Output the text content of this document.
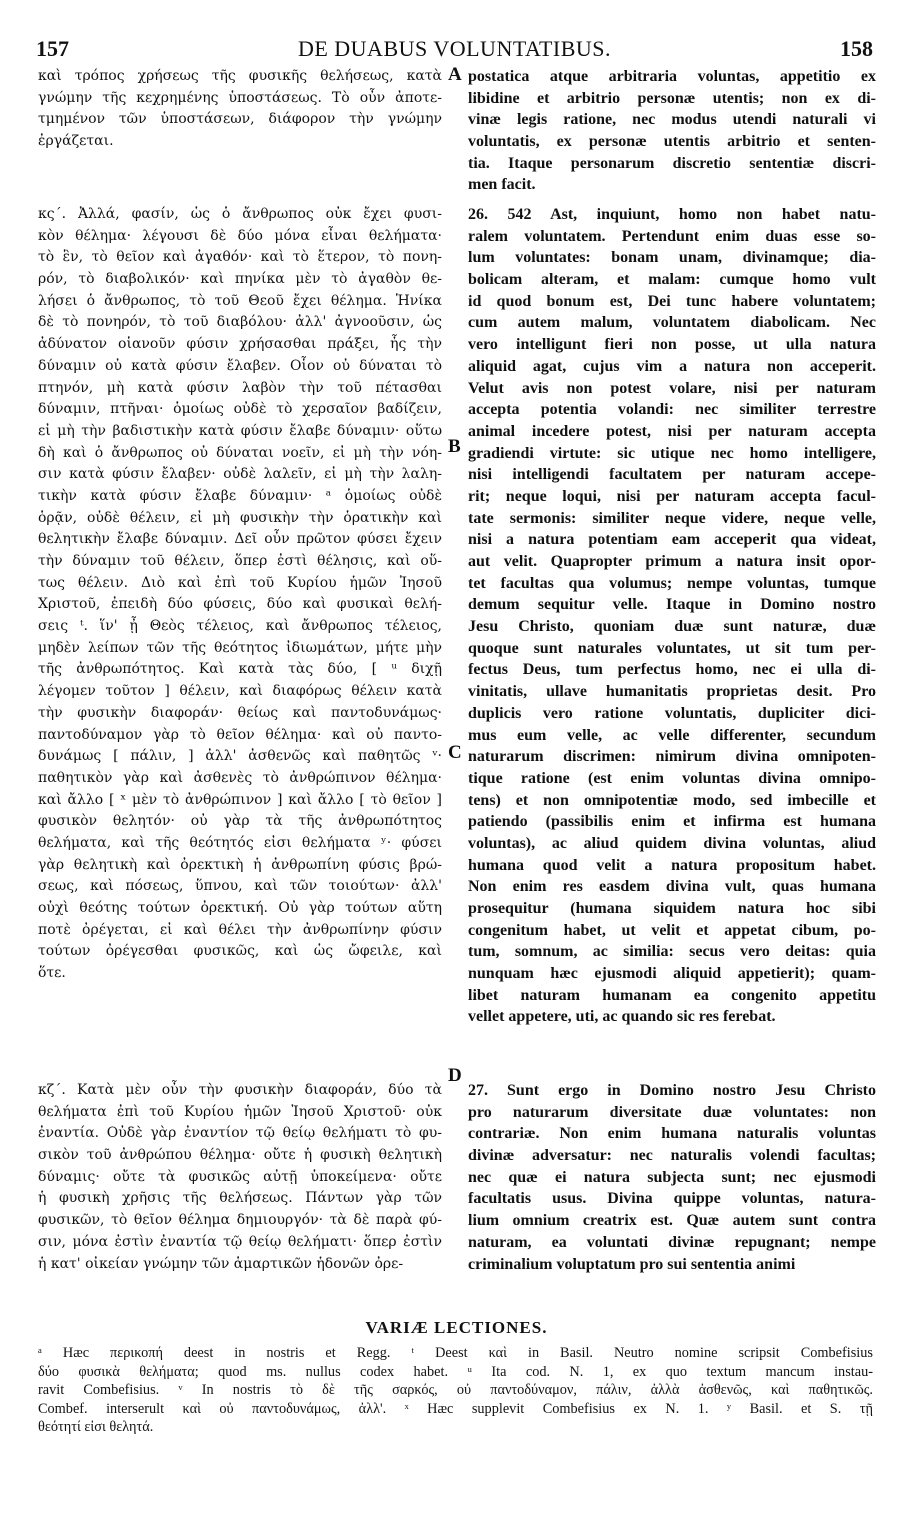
157	DE DUABUS VOLUNTATIBUS.	158
καὶ τρόπος χρήσεως τῆς φυσικῆς θελήσεως, κατὰ
γνώμην τῆς κεχρημένης ὑποστάσεως. Τὸ οὖν ἀποτε-
τμημένον τῶν ὑποστάσεων, διάφορον τὴν γνώμην
ἐργάζεται.
κς΄. Ἀλλά, φασίν, ὡς ὁ ἄνθρωπος οὐκ ἔχει φυσι-
κὸν θέλημα· λέγουσι δὲ δύο μόνα εἶναι θελήματα·
τὸ ἓν, τὸ θεῖον καὶ ἀγαθόν· καὶ τὸ ἕτερον, τὸ πονη-
ρόν, τὸ διαβολικόν· καὶ πηνίκα μὲν τὸ ἀγαθὸν θε-
λήσει ὁ ἄνθρωπος, τὸ τοῦ Θεοῦ ἔχει θέλημα. Ἡνίκα
δὲ τὸ πονηρόν, τὸ τοῦ διαβόλου· ἀλλ' ἀγνοοῦσιν, ὡς
ἀδύνατον οἱανοῦν φύσιν χρήσασθαι πράξει, ἧς τὴν
δύναμιν οὐ κατὰ φύσιν ἔλαβεν. Οἷον οὐ δύναται τὸ
πτηνόν, μὴ κατὰ φύσιν λαβὸν τὴν τοῦ πέτασθαι
δύναμιν, πτῆναι· ὁμοίως οὐδὲ τὸ χερσαῖον βαδίζειν,
εἰ μὴ τὴν βαδιστικὴν κατὰ φύσιν ἔλαβε δύναμιν· οὕτω
δὴ καὶ ὁ ἄνθρωπος οὐ δύναται νοεῖν, εἰ μὴ τὴν νόη-
σιν κατὰ φύσιν ἔλαβεν· οὐδὲ λαλεῖν, εἰ μὴ τὴν λαλη-
τικὴν κατὰ φύσιν ἔλαβε δύναμιν· ᵃ ὁμοίως οὐδὲ
ὁρᾷν, οὐδὲ θέλειν, εἰ μὴ φυσικὴν τὴν ὁρατικὴν καὶ
θελητικὴν ἔλαβε δύναμιν. Δεῖ οὖν πρῶτον φύσει ἔχειν
τὴν δύναμιν τοῦ θέλειν, ὅπερ ἐστὶ θέλησις, καὶ οὕ-
τως θέλειν. Διὸ καὶ ἐπὶ τοῦ Κυρίου ἡμῶν Ἰησοῦ
Χριστοῦ, ἐπειδὴ δύο φύσεις, δύο καὶ φυσικαὶ θελή-
σεις ᵗ. ἵν' ᾖ Θεὸς τέλειος, καὶ ἄνθρωπος τέλειος,
μηδὲν λείπων τῶν τῆς θεότητος ἰδιωμάτων, μήτε μὴν
τῆς ἀνθρωπότητος. Καὶ κατὰ τὰς δύο, [ ᵘ διχῇ
λέγομεν τοῦτον ] θέλειν, καὶ διαφόρως θέλειν κατὰ
τὴν φυσικὴν διαφοράν· θείως καὶ παντοδυνάμως·
παντοδύναμον γὰρ τὸ θεῖον θέλημα· καὶ οὐ παντο-
δυνάμως [ πάλιν, ] ἀλλ' ἀσθενῶς καὶ παθητῶς ᵛ·
παθητικὸν γὰρ καὶ ἀσθενὲς τὸ ἀνθρώπινον θέλημα·
καὶ ἄλλο [ ˣ μὲν τὸ ἀνθρώπινον ] καὶ ἄλλο [ τὸ θεῖον ]
φυσικὸν θελητόν· οὐ γὰρ τὰ τῆς ἀνθρωπότητος
θελήματα, καὶ τῆς θεότητός εἰσι θελήματα ʸ· φύσει
γὰρ θελητικὴ καὶ ὀρεκτικὴ ἡ ἀνθρωπίνη φύσις βρώ-
σεως, καὶ πόσεως, ὕπνου, καὶ τῶν τοιούτων· ἀλλ'
οὐχὶ θεότης τούτων ὀρεκτική. Οὐ γὰρ τούτων αὕτη
ποτὲ ὀρέγεται, εἰ καὶ θέλει τὴν ἀνθρωπίνην φύσιν
τούτων ὀρέγεσθαι φυσικῶς, καὶ ὡς ὤφειλε, καὶ
ὅτε.
κζ΄. Κατὰ μὲν οὖν τὴν φυσικὴν διαφοράν, δύο τὰ
θελήματα ἐπὶ τοῦ Κυρίου ἡμῶν Ἰησοῦ Χριστοῦ· οὐκ
ἐναντία. Οὐδὲ γὰρ ἐναντίον τῷ θείῳ θελήματι τὸ φυ-
σικὸν τοῦ ἀνθρώπου θέλημα· οὔτε ἡ φυσικὴ θελητικὴ
δύναμις· οὔτε τὰ φυσικῶς αὐτῇ ὑποκείμενα· οὔτε
ἡ φυσικὴ χρῆσις τῆς θελήσεως. Πάντων γὰρ τῶν
φυσικῶν, τὸ θεῖον θέλημα δημιουργόν· τὰ δὲ παρὰ φύ-
σιν, μόνα ἐστὶν ἐναντία τῷ θείῳ θελήματι· ὅπερ ἐστὶν
ἡ κατ' οἰκείαν γνώμην τῶν ἁμαρτικῶν ἡδονῶν ὀρε-
A
B
C
D
postatica atque arbitraria voluntas, appetitio ex
libidine et arbitrio personæ utentis; non ex di-
vinæ legis ratione, nec modus utendi naturali vi
voluntatis, ex personæ utentis arbitrio et senten-
tia. Itaque personarum discretio sententiæ discri-
men facit.
26. 542 Ast, inquiunt, homo non habet natu-
ralem voluntatem. Pertendunt enim duas esse so-
lum voluntates: bonam unam, divinamque; dia-
bolicam alteram, et malam: cumque homo vult
id quod bonum est, Dei tunc habere voluntatem;
cum autem malum, voluntatem diabolicam. Nec
vero intelligunt fieri non posse, ut ulla natura
aliquid agat, cujus vim a natura non acceperit.
Velut avis non potest volare, nisi per naturam
accepta potentia volandi: nec similiter terrestre
animal incedere potest, nisi per naturam accepta
gradiendi virtute: sic utique nec homo intelligere,
nisi intelligendi facultatem per naturam accepe-
rit; neque loqui, nisi per naturam accepta facul-
tate sermonis: similiter neque videre, neque velle,
nisi a natura potentiam eam acceperit qua videat,
aut velit. Quapropter primum a natura insit opor-
tet facultas qua volumus; nempe voluntas, tumque
demum sequitur velle. Itaque in Domino nostro
Jesu Christo, quoniam duæ sunt naturæ, duæ
quoque sunt naturales voluntates, ut sit tum per-
fectus Deus, tum perfectus homo, nec ei ulla di-
vinitatis, ullave humanitatis proprietas desit. Pro
duplicis vero ratione voluntatis, dupliciter dici-
mus eum velle, ac velle differenter, secundum
naturarum discrimen: nimirum divina omnipoten-
tique ratione (est enim voluntas divina omnipo-
tens) et non omnipotentiæ modo, sed imbecille et
patiendo (passibilis enim et infirma est humana
voluntas), ac aliud quidem divina voluntas, aliud
humana quod velit a natura propositum habet.
Non enim res easdem divina vult, quas humana
prosequitur (humana siquidem natura hoc sibi
congenitum habet, ut velit et appetat cibum, po-
tum, somnum, ac similia: secus vero deitas: quia
nunquam hæc ejusmodi aliquid appetierit); quam-
libet naturam humanam ea congenito appetitu
vellet appetere, uti, ac quando sic res ferebat.
27. Sunt ergo in Domino nostro Jesu Christo
pro naturarum diversitate duæ voluntates: non
contrariæ. Non enim humana naturalis voluntas
divinæ adversatur: nec naturalis volendi facultas;
nec quæ ei natura subjecta sunt; nec ejusmodi
facultatis usus. Divina quippe voluntas, natura-
lium omnium creatrix est. Quæ autem sunt contra
naturam, ea voluntati divinæ repugnant; nempe
criminalium voluptatum pro sui sententia animi
VARIÆ LECTIONES.
ᵃ Hæc περικοπή deest in nostris et Regg. ᵗ Deest καὶ in Basil. Neutro nomine scripsit Combefisius
δύο φυσικὰ θελήματα; quod ms. nullus codex habet. ᵘ Ita cod. N. 1, ex quo textum mancum instau-
ravit Combefisius. ᵛ In nostris τὸ δὲ τῆς σαρκός, οὐ παντοδύναμον, πάλιν, ἀλλὰ ἀσθενῶς, καὶ παθητικῶς.
Combef. interserult καὶ οὐ παντοδυνάμως, ἀλλ'. ˣ Hæc supplevit Combefisius ex N. 1. ʸ Basil. et S. τῇ
θεότητί εἰσι θελητά.
